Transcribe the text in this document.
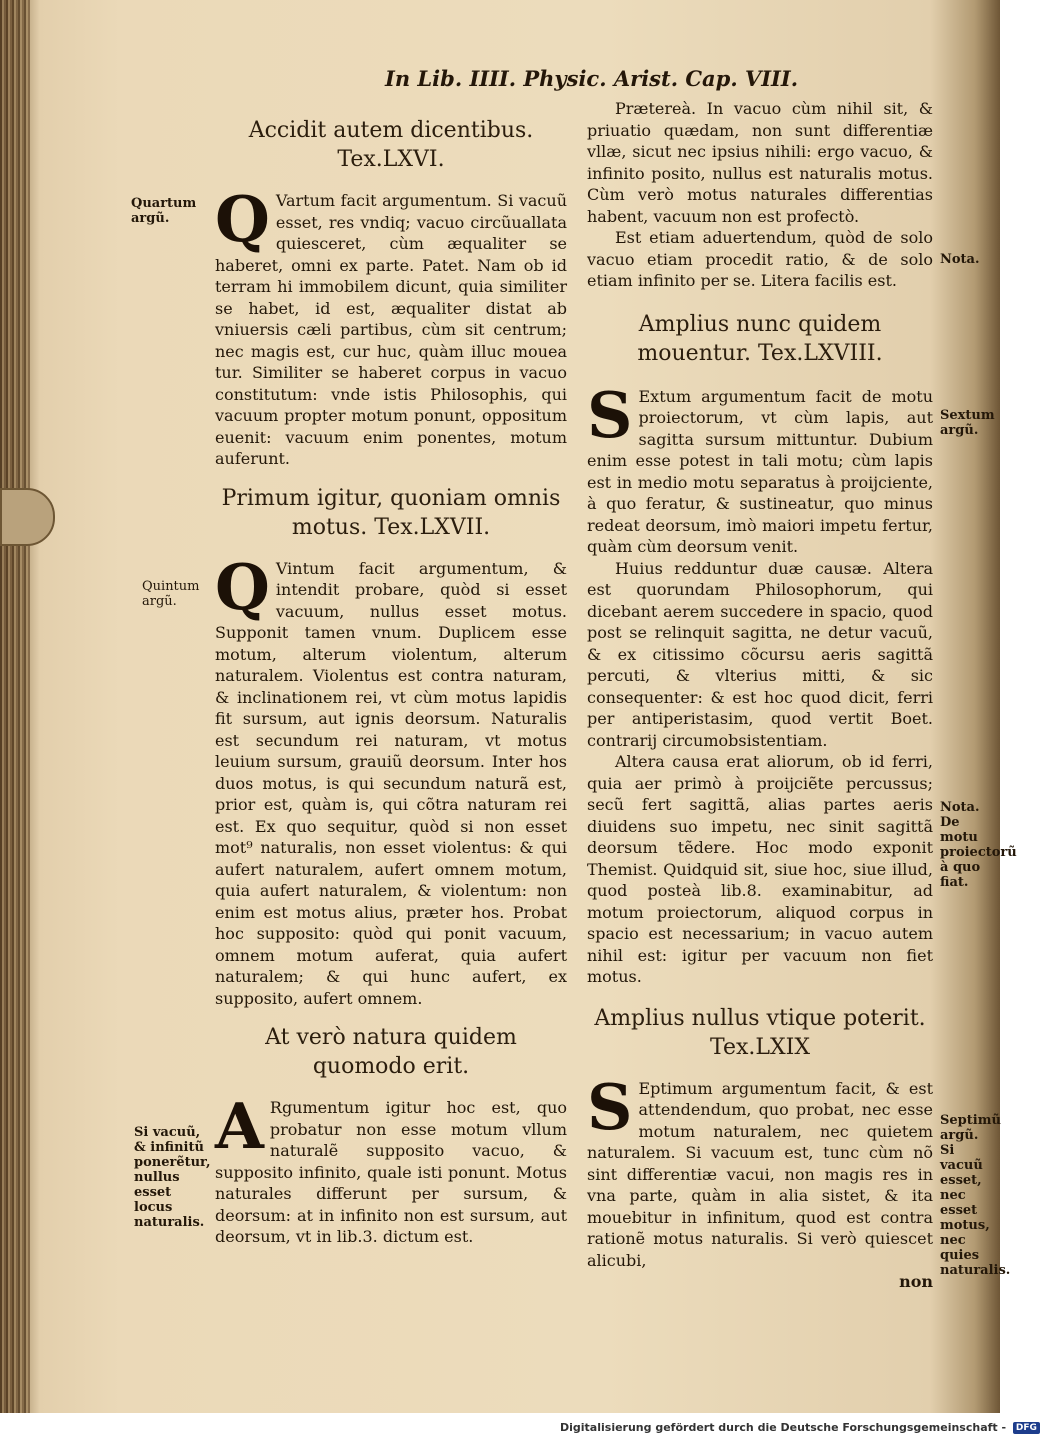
In Lib. IIII. Physic. Arist. Cap. VIII.

Accidit autem dicentibus. Tex.LXVI.

Q Vartum facit argumentum. Si vacuũ esset, res vndiq; vacuo circũuallata quiesceret, cùm æqualiter se haberet, omni ex parte. Patet. Nam ob id terram hi immobilem dicunt, quia similiter se habet, id est, æqualiter distat ab vniuersis cæli partibus, cùm sit centrum; nec magis est, cur huc, quàm illuc mouea tur. Similiter se haberet corpus in vacuo constitutum: vnde istis Philosophis, qui vacuum propter motum ponunt, oppositum euenit: vacuum enim ponentes, motum auferunt.

Primum igitur, quoniam omnis motus. Tex.LXVII.

Q Vintum facit argumentum, & intendit probare, quòd si esset vacuum, nullus esset motus. Supponit tamen vnum. Duplicem esse motum, alterum violentum, alterum naturalem. Violentus est contra naturam, & inclinationem rei, vt cùm motus lapidis fit sursum, aut ignis deorsum. Naturalis est secundum rei naturam, vt motus leuium sursum, grauiũ deorsum. Inter hos duos motus, is qui secundum naturã est, prior est, quàm is, qui cõtra naturam rei est. Ex quo sequitur, quòd si non esset mot⁹ naturalis, non esset violentus: & qui aufert naturalem, aufert omnem motum, quia aufert naturalem, & violentum: non enim est motus alius, præter hos. Probat hoc supposito: quòd qui ponit vacuum, omnem motum auferat, quia aufert naturalem; & qui hunc aufert, ex supposito, aufert omnem.

At verò natura quidem quomodo erit.

A Rgumentum igitur hoc est, quo probatur non esse motum vllum naturalẽ supposito vacuo, & supposito infinito, quale isti ponunt. Motus naturales differunt per sursum, & deorsum: at in infinito non est sursum, aut deorsum, vt in lib.3. dictum est.

Prӕtereà. In vacuo cùm nihil sit, & priuatio quædam, non sunt differentiæ vllæ, sicut nec ipsius nihili: ergo vacuo, & infinito posito, nullus est naturalis motus. Cùm verò motus naturales differentias habent, vacuum non est profectò.

Est etiam aduertendum, quòd de solo vacuo etiam procedit ratio, & de solo etiam infinito per se. Litera facilis est.

Amplius nunc quidem mouentur. Tex.LXVIII.

S Extum argumentum facit de motu proiectorum, vt cùm lapis, aut sagitta sursum mittuntur. Dubium enim esse potest in tali motu; cùm lapis est in medio motu separatus à proijciente, à quo feratur, & sustineatur, quo minus redeat deorsum, imò maiori impetu fertur, quàm cùm deorsum venit.

Huius redduntur duæ causæ. Altera est quorundam Philosophorum, qui dicebant aerem succedere in spacio, quod post se relinquit sagitta, ne detur vacuũ, & ex citissimo cõcursu aeris sagittã percuti, & vlterius mitti, & sic consequenter: & est hoc quod dicit, ferri per antiperistasim, quod vertit Boet. contrarij circumobsistentiam.

Altera causa erat aliorum, ob id ferri, quia aer primò à proijciẽte percussus; secũ fert sagittã, alias partes aeris diuidens suo impetu, nec sinit sagittã deorsum tẽdere. Hoc modo exponit Themist. Quidquid sit, siue hoc, siue illud, quod posteà lib.8. examinabitur, ad motum proiectorum, aliquod corpus in spacio est necessarium; in vacuo autem nihil est: igitur per vacuum non fiet motus.

Amplius nullus vtique poterit. Tex.LXIX

S Eptimum argumentum facit, & est attendendum, quo probat, nec esse motum naturalem, nec quietem naturalem. Si vacuum est, tunc cùm nõ sint differentiæ vacui, non magis res in vna parte, quàm in alia sistet, & ita mouebitur in infinitum, quod est contra rationẽ motus naturalis. Si verò quiescet alicubi,

non

Quartum argũ.
Quintum argũ.
Si vacuũ, & infinitũ ponerẽtur, nullus esset locus naturalis.
Nota.
Sextum argũ.
Nota. De motu proiectorũ à quo fiat.
Septimũ argũ. Si vacuũ esset, nec esset motus, nec quies naturalis.
Digitalisierung gefördert durch die Deutsche Forschungsgemeinschaft - DFG
